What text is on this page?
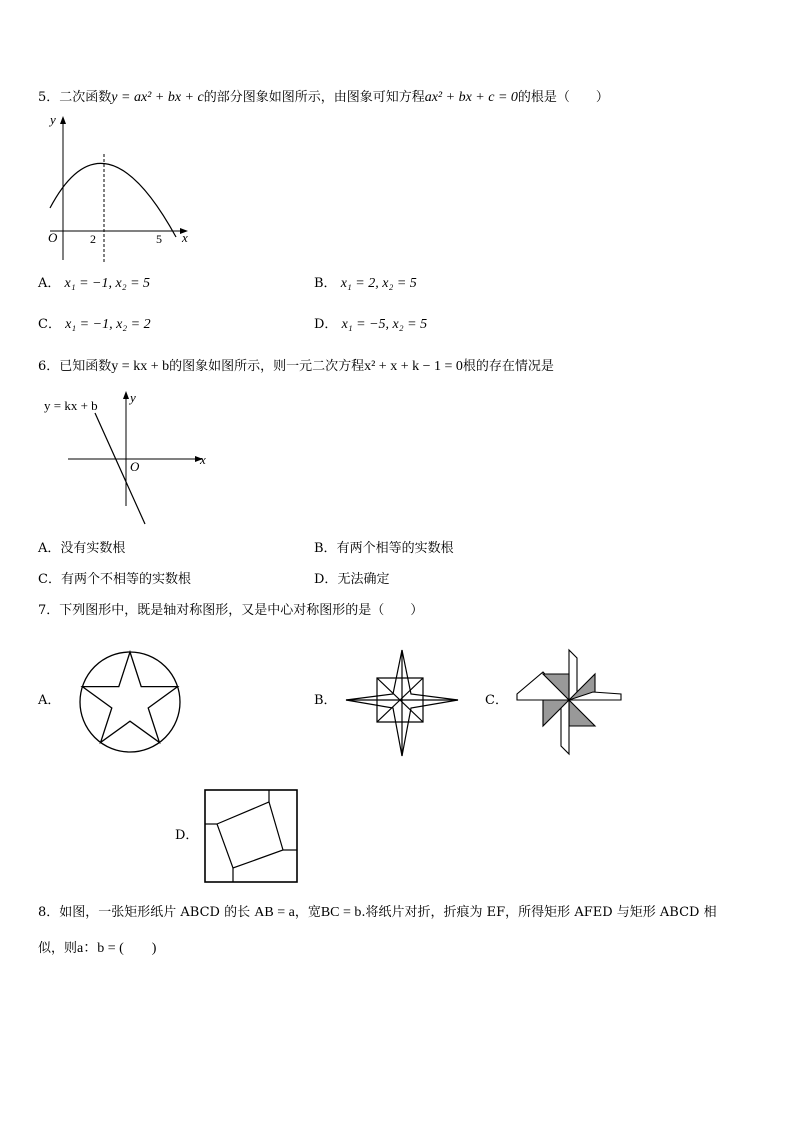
5．二次函数y = ax² + bx + c的部分图象如图所示，由图象可知方程ax² + bx + c = 0的根是（　　）
y
x
O	2	5
A． x₁ = −1, x₂ = 5	B． x₁ = 2, x₂ = 5
C． x₁ = −1, x₂ = 2	D． x₁ = −5, x₂ = 5
6．已知函数y = kx + b的图象如图所示，则一元二次方程x² + x + k − 1 = 0根的存在情况是
y = kx + b
y
x
O
A．没有实数根	B．有两个相等的实数根
C．有两个不相等的实数根	D．无法确定
7．下列图形中，既是轴对称图形，又是中心对称图形的是（　　）
A．	B．	C．
D．
8．如图，一张矩形纸片 ABCD 的长 AB = a，宽BC = b.将纸片对折，折痕为 EF，所得矩形 AFED 与矩形 ABCD 相
似，则a：b = (　　)
